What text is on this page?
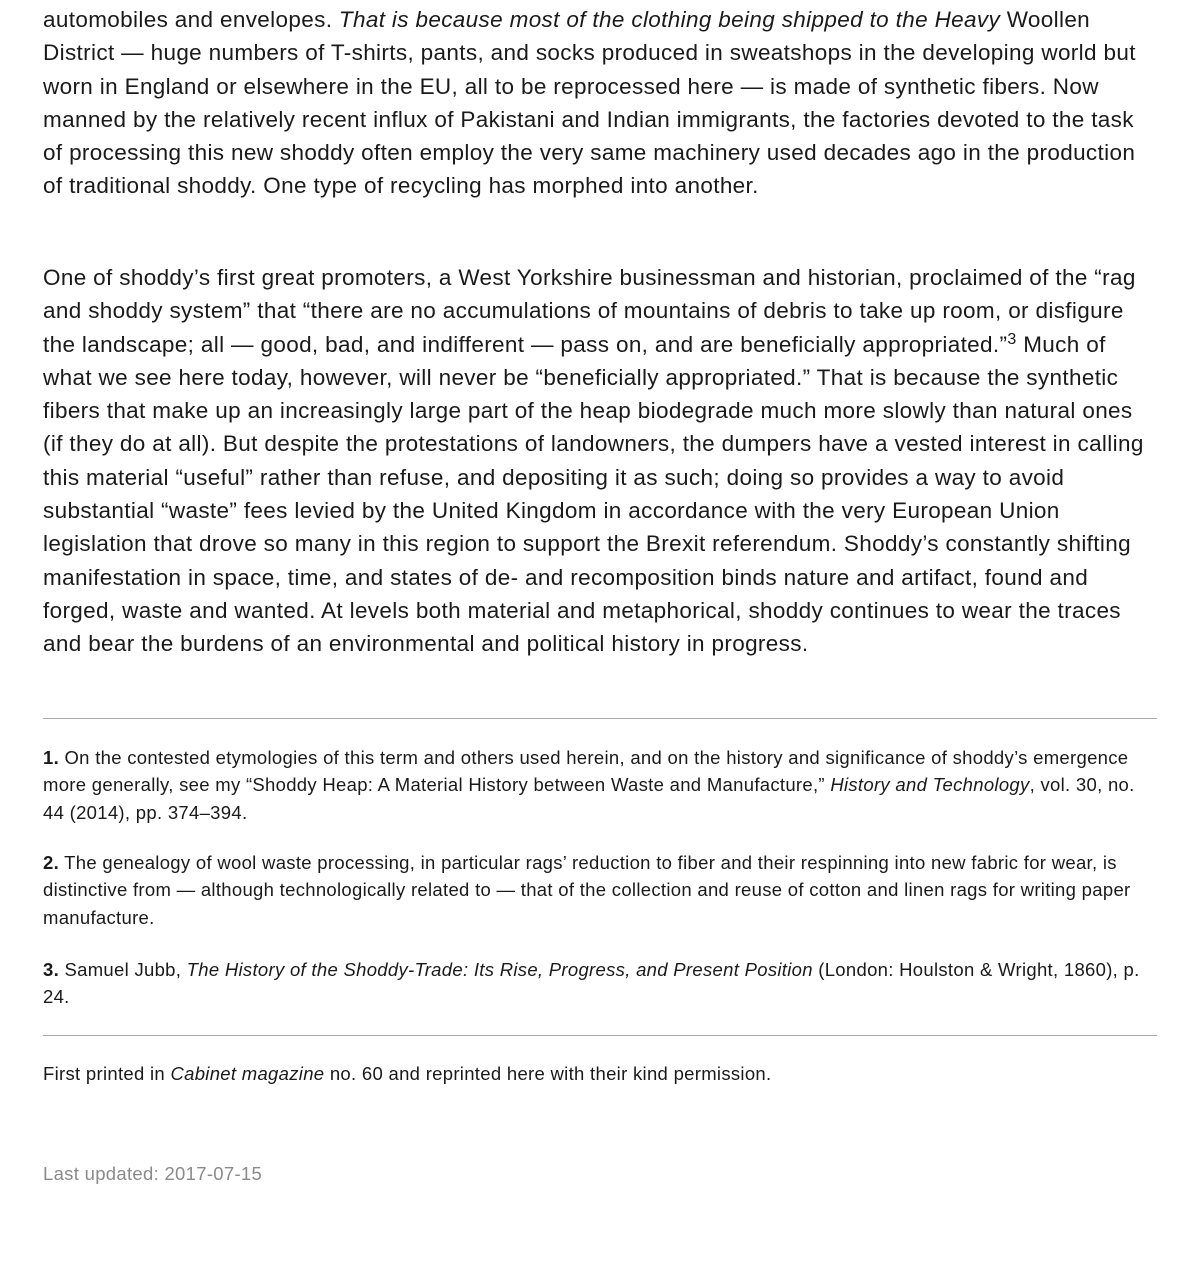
automobiles and envelopes. That is because most of the clothing being shipped to the Heavy Woollen District — huge numbers of T-shirts, pants, and socks produced in sweatshops in the developing world but worn in England or elsewhere in the EU, all to be reprocessed here — is made of synthetic fibers. Now manned by the relatively recent influx of Pakistani and Indian immigrants, the factories devoted to the task of processing this new shoddy often employ the very same machinery used decades ago in the production of traditional shoddy. One type of recycling has morphed into another.

One of shoddy’s first great promoters, a West Yorkshire businessman and historian, proclaimed of the “rag and shoddy system” that “there are no accumulations of mountains of debris to take up room, or disfigure the landscape; all — good, bad, and indifferent — pass on, and are beneficially appropriated.”$^3$ Much of what we see here today, however, will never be “beneficially appropriated.” That is because the synthetic fibers that make up an increasingly large part of the heap biodegrade much more slowly than natural ones (if they do at all). But despite the protestations of landowners, the dumpers have a vested interest in calling this material “useful” rather than refuse, and depositing it as such; doing so provides a way to avoid substantial “waste” fees levied by the United Kingdom in accordance with the very European Union legislation that drove so many in this region to support the Brexit referendum. Shoddy’s constantly shifting manifestation in space, time, and states of de- and recomposition binds nature and artifact, found and forged, waste and wanted. At levels both material and metaphorical, shoddy continues to wear the traces and bear the burdens of an environmental and political history in progress.

1. On the contested etymologies of this term and others used herein, and on the history and significance of shoddy’s emergence more generally, see my “Shoddy Heap: A Material History between Waste and Manufacture,” History and Technology, vol. 30, no. 44 (2014), pp. 374–394.

2. The genealogy of wool waste processing, in particular rags’ reduction to fiber and their respinning into new fabric for wear, is distinctive from — although technologically related to — that of the collection and reuse of cotton and linen rags for writing paper manufacture.

3. Samuel Jubb, The History of the Shoddy-Trade: Its Rise, Progress, and Present Position (London: Houlston & Wright, 1860), p. 24.

First printed in Cabinet magazine no. 60 and reprinted here with their kind permission.

Last updated: 2017-07-15
